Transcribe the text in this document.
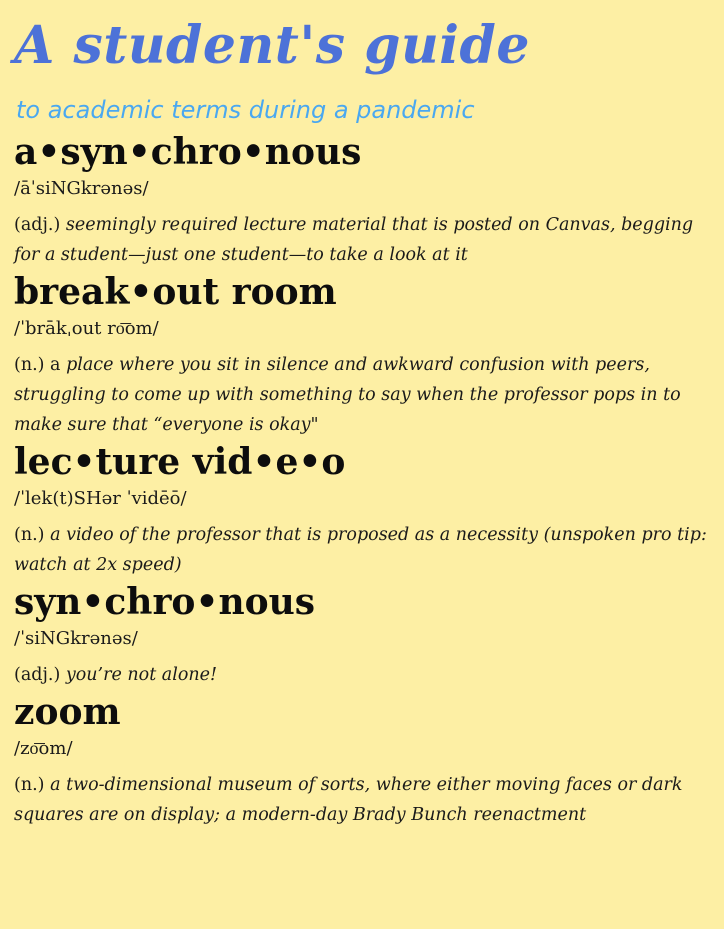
A student's guide
to academic terms during a pandemic
a•syn•chro•nous
/āˈsiNGkrənəs/

(adj.) seemingly required lecture material that is posted on Canvas, begging for a student—just one student—to take a look at it

break•out room
/ˈbrākˌout ro͞om/

(n.) a place where you sit in silence and awkward confusion with peers, struggling to come up with something to say when the professor pops in to make sure that “everyone is okay"

lec•ture vid•e•o
/ˈlek(t)SHər ˈvidēō/

(n.) a video of the professor that is proposed as a necessity (unspoken pro tip: watch at 2x speed)

syn•chro•nous
/ˈsiNGkrənəs/

(adj.) you’re not alone!

zoom
/zo͞om/

(n.) a two-dimensional museum of sorts, where either moving faces or dark squares are on display; a modern-day Brady Bunch reenactment
